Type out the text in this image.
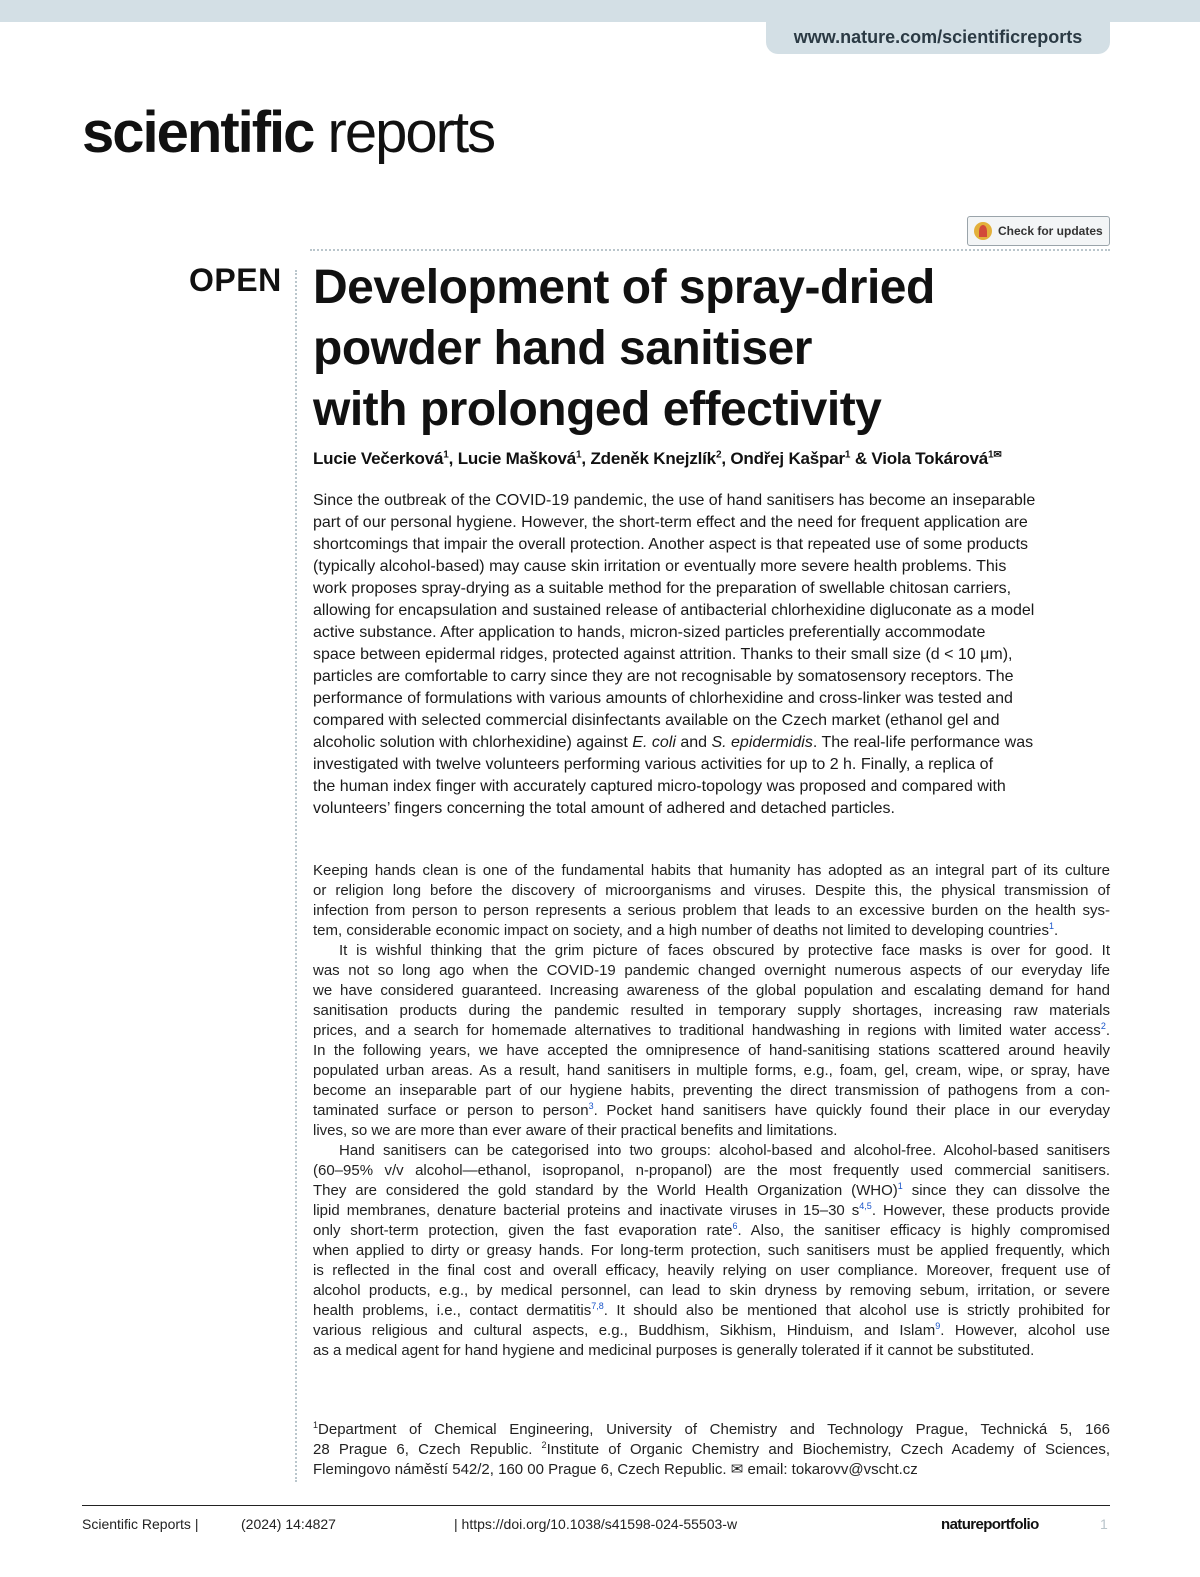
www.nature.com/scientificreports
scientific reports
Check for updates
OPEN Development of spray-dried
powder hand sanitiser
with prolonged effectivity
Lucie Večerková$^1$, Lucie Mašková$^1$, Zdeněk Knejzlík$^2$, Ondřej Kašpar$^1$ & Viola Tokárová$^{1✉}$
Since the outbreak of the COVID-19 pandemic, the use of hand sanitisers has become an inseparable
part of our personal hygiene. However, the short-term effect and the need for frequent application are
shortcomings that impair the overall protection. Another aspect is that repeated use of some products
(typically alcohol-based) may cause skin irritation or eventually more severe health problems. This
work proposes spray-drying as a suitable method for the preparation of swellable chitosan carriers,
allowing for encapsulation and sustained release of antibacterial chlorhexidine digluconate as a model
active substance. After application to hands, micron-sized particles preferentially accommodate
space between epidermal ridges, protected against attrition. Thanks to their small size (d < 10 μm),
particles are comfortable to carry since they are not recognisable by somatosensory receptors. The
performance of formulations with various amounts of chlorhexidine and cross-linker was tested and
compared with selected commercial disinfectants available on the Czech market (ethanol gel and
alcoholic solution with chlorhexidine) against E. coli and S. epidermidis. The real-life performance was
investigated with twelve volunteers performing various activities for up to 2 h. Finally, a replica of
the human index finger with accurately captured micro-topology was proposed and compared with
volunteers’ fingers concerning the total amount of adhered and detached particles.
Keeping hands clean is one of the fundamental habits that humanity has adopted as an integral part of its culture
or religion long before the discovery of microorganisms and viruses. Despite this, the physical transmission of
infection from person to person represents a serious problem that leads to an excessive burden on the health sys-
tem, considerable economic impact on society, and a high number of deaths not limited to developing countries$^1$.
It is wishful thinking that the grim picture of faces obscured by protective face masks is over for good. It
was not so long ago when the COVID-19 pandemic changed overnight numerous aspects of our everyday life
we have considered guaranteed. Increasing awareness of the global population and escalating demand for hand
sanitisation products during the pandemic resulted in temporary supply shortages, increasing raw materials
prices, and a search for homemade alternatives to traditional handwashing in regions with limited water access$^2$.
In the following years, we have accepted the omnipresence of hand-sanitising stations scattered around heavily
populated urban areas. As a result, hand sanitisers in multiple forms, e.g., foam, gel, cream, wipe, or spray, have
become an inseparable part of our hygiene habits, preventing the direct transmission of pathogens from a con-
taminated surface or person to person$^3$. Pocket hand sanitisers have quickly found their place in our everyday
lives, so we are more than ever aware of their practical benefits and limitations.
Hand sanitisers can be categorised into two groups: alcohol-based and alcohol-free. Alcohol-based sanitisers
(60–95% v/v alcohol—ethanol, isopropanol, n-propanol) are the most frequently used commercial sanitisers.
They are considered the gold standard by the World Health Organization (WHO)$^1$ since they can dissolve the
lipid membranes, denature bacterial proteins and inactivate viruses in 15–30 s$^{4,5}$. However, these products provide
only short-term protection, given the fast evaporation rate$^6$. Also, the sanitiser efficacy is highly compromised
when applied to dirty or greasy hands. For long-term protection, such sanitisers must be applied frequently, which
is reflected in the final cost and overall efficacy, heavily relying on user compliance. Moreover, frequent use of
alcohol products, e.g., by medical personnel, can lead to skin dryness by removing sebum, irritation, or severe
health problems, i.e., contact dermatitis$^{7,8}$. It should also be mentioned that alcohol use is strictly prohibited for
various religious and cultural aspects, e.g., Buddhism, Sikhism, Hinduism, and Islam$^9$. However, alcohol use
as a medical agent for hand hygiene and medicinal purposes is generally tolerated if it cannot be substituted.
$^1$Department of Chemical Engineering, University of Chemistry and Technology Prague, Technická 5, 166
28 Prague 6, Czech Republic. $^2$Institute of Organic Chemistry and Biochemistry, Czech Academy of Sciences,
Flemingovo náměstí 542/2, 160 00 Prague 6, Czech Republic. ✉ email: tokarovv@vscht.cz
Scientific Reports |	(2024) 14:4827	| https://doi.org/10.1038/s41598-024-55503-w	natureportfolio	1
